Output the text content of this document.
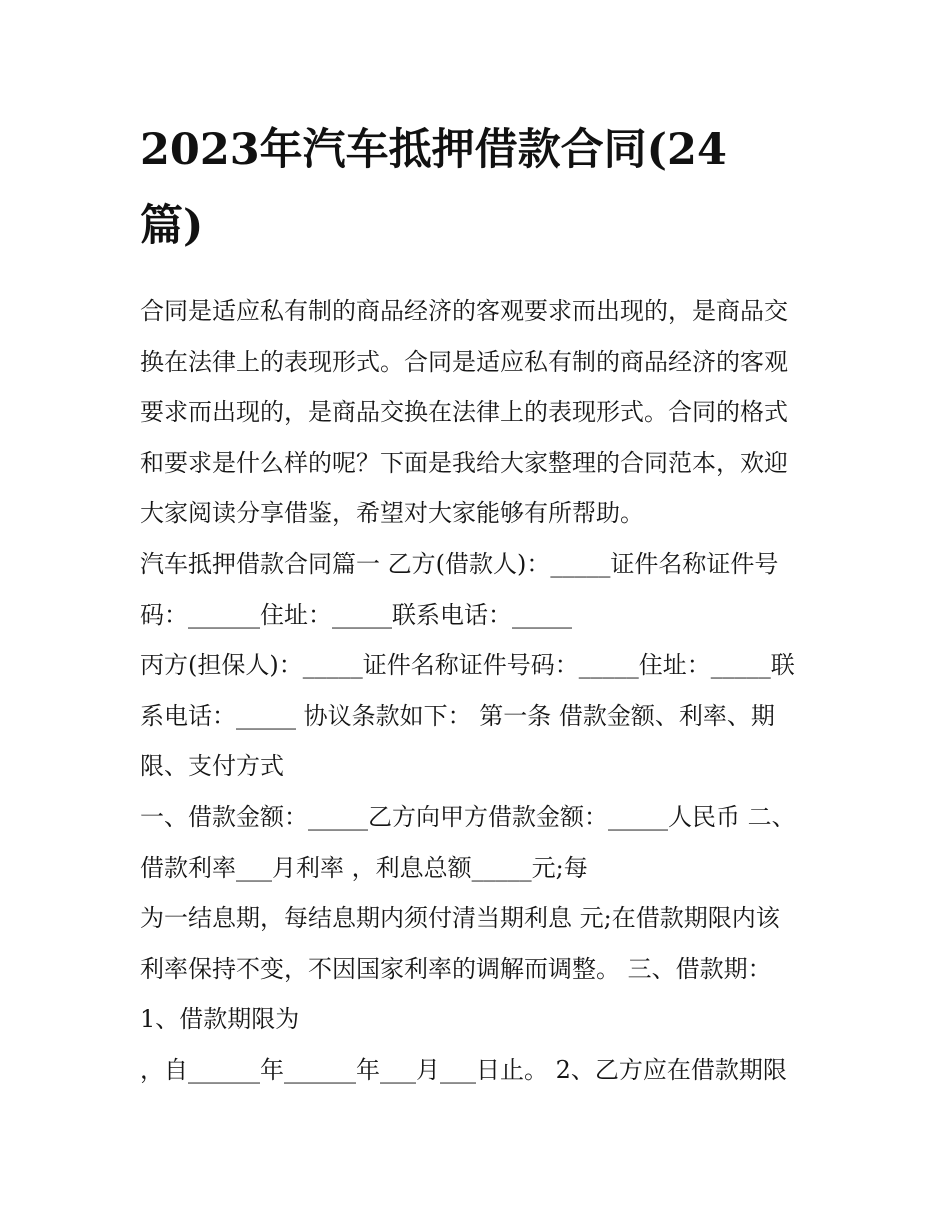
2023年汽车抵押借款合同(24
篇)
合同是适应私有制的商品经济的客观要求而出现的，是商品交
换在法律上的表现形式。合同是适应私有制的商品经济的客观
要求而出现的，是商品交换在法律上的表现形式。合同的格式
和要求是什么样的呢？下面是我给大家整理的合同范本，欢迎
大家阅读分享借鉴，希望对大家能够有所帮助。
汽车抵押借款合同篇一 乙方(借款人)：_____证件名称证件号
码：______住址：_____联系电话：_____
丙方(担保人)：_____证件名称证件号码：_____住址：_____联
系电话：_____ 协议条款如下： 第一条 借款金额、利率、期
限、支付方式
一、借款金额：_____乙方向甲方借款金额：_____人民币 二、
借款利率___月利率 ，利息总额_____元;每
为一结息期，每结息期内须付清当期利息 元;在借款期限内该
利率保持不变，不因国家利率的调解而调整。 三、借款期：
1、借款期限为
，自______年______年___月___日止。 2、乙方应在借款期限
